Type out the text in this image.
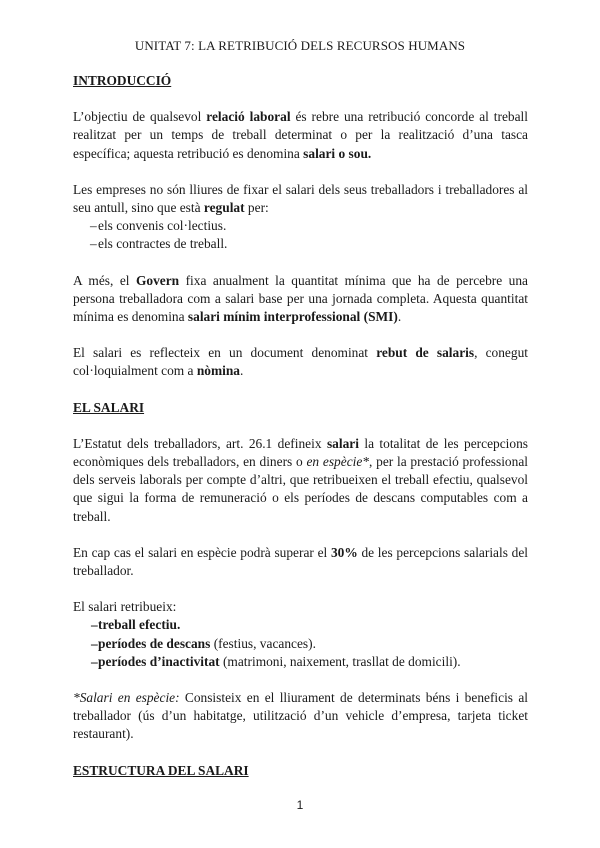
UNITAT 7: LA RETRIBUCIÓ DELS RECURSOS HUMANS
INTRODUCCIÓ

L’objectiu de qualsevol relació laboral és rebre una retribució concorde al treball realitzat per un temps de treball determinat o per la realització d’una tasca específica; aquesta retribució es denomina salari o sou.

Les empreses no són lliures de fixar el salari dels seus treballadors i treballadores al seu antull, sino que està regulat per:

– els convenis col·lectius.
– els contractes de treball.

A més, el Govern fixa anualment la quantitat mínima que ha de percebre una persona treballadora com a salari base per una jornada completa. Aquesta quantitat mínima es denomina salari mínim interprofessional (SMI).

El salari es reflecteix en un document denominat rebut de salaris, conegut col·loquialment com a nòmina.

EL SALARI

L’Estatut dels treballadors, art. 26.1 defineix salari la totalitat de les percepcions econòmiques dels treballadors, en diners o en espècie*, per la prestació professional dels serveis laborals per compte d’altri, que retribueixen el treball efectiu, qualsevol que sigui la forma de remuneració o els períodes de descans computables com a treball.

En cap cas el salari en espècie podrà superar el 30% de les percepcions salarials del treballador.

El salari retribueix:

– treball efectiu.
– períodes de descans (festius, vacances).
– períodes d’inactivitat (matrimoni, naixement, trasllat de domicili).

*Salari en espècie: Consisteix en el lliurament de determinats béns i beneficis al treballador (ús d’un habitatge, utilització d’un vehicle d’empresa, tarjeta ticket restaurant).

ESTRUCTURA DEL SALARI
1
